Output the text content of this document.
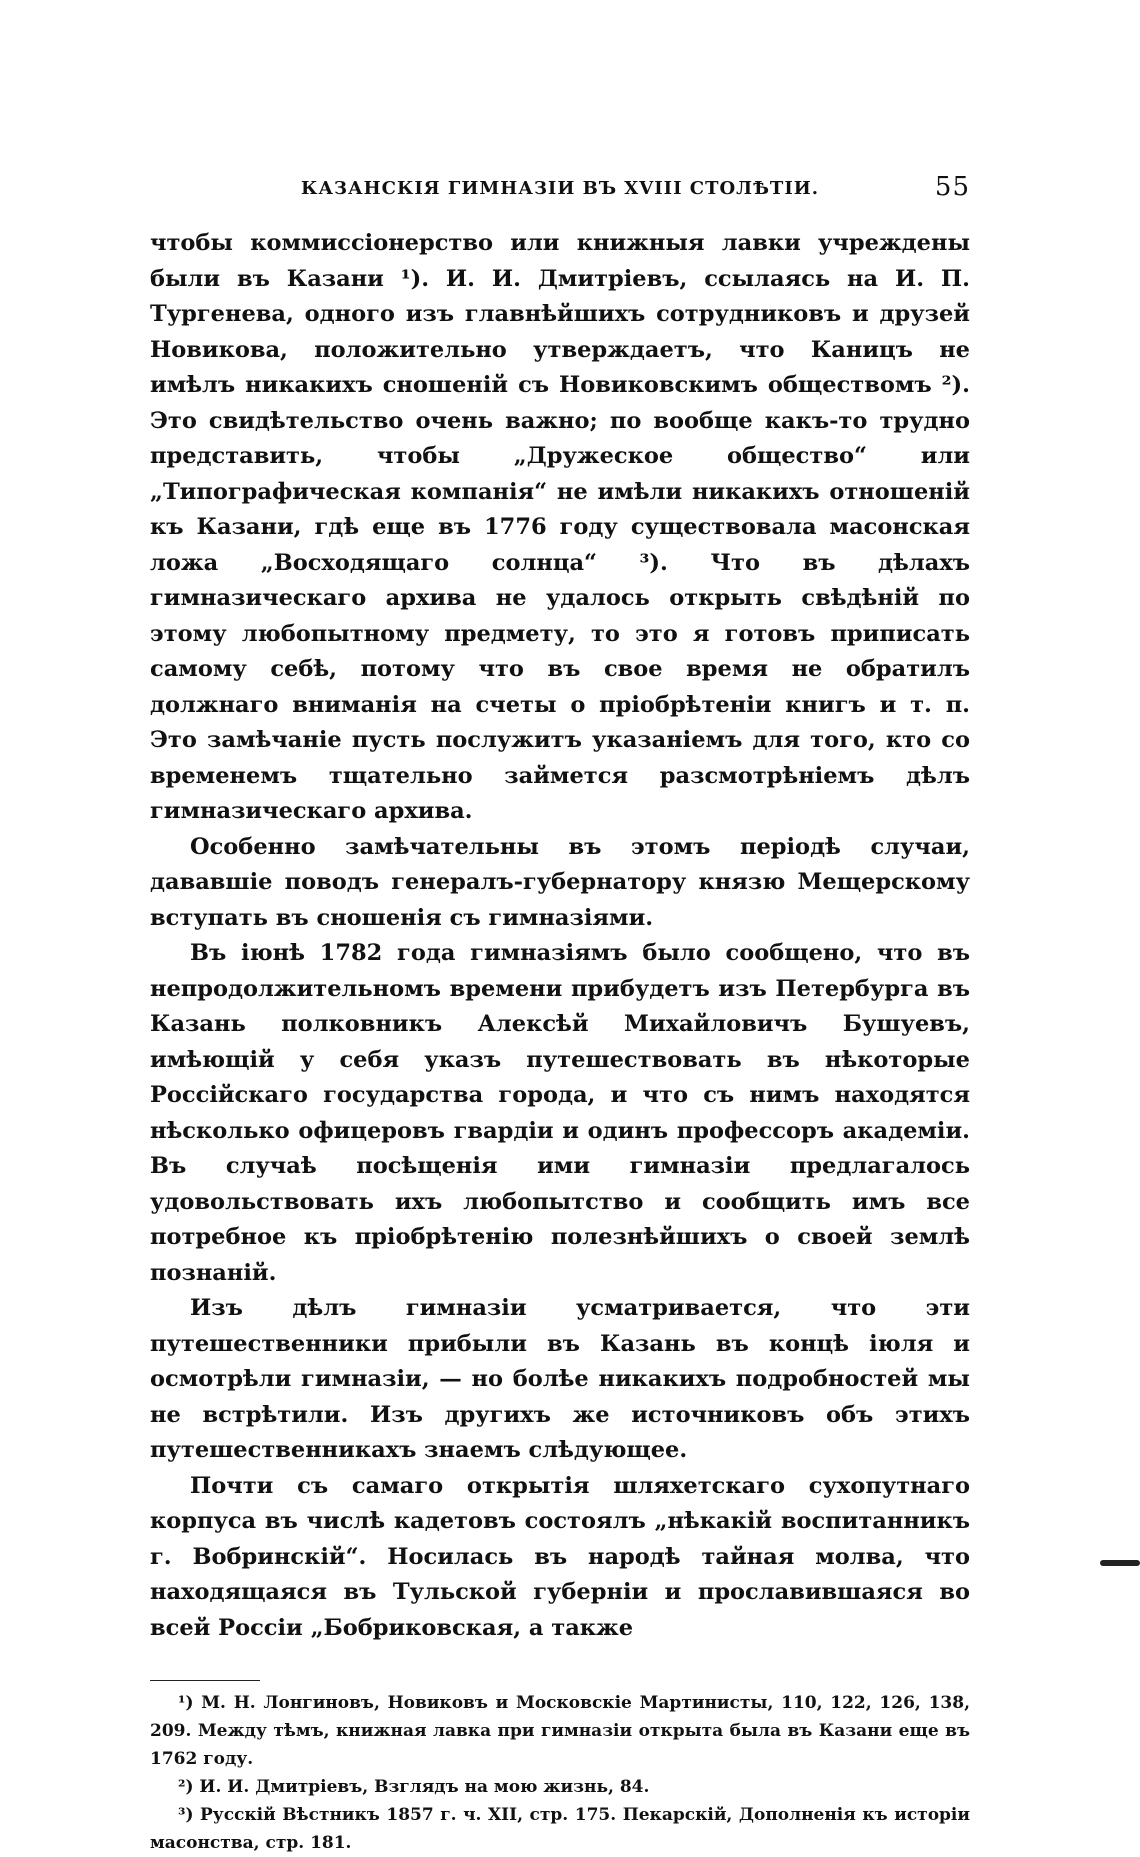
КАЗАНСКІЯ ГИМНАЗІИ ВЪ XVIII СТОЛѢТІИ.	55

чтобы коммиссіонерство или книжныя лавки учреждены были въ Казани ¹). И. И. Дмитріевъ, ссылаясь на И. П. Тургенева, одного изъ главнѣйшихъ сотрудниковъ и друзей Новикова, положительно утверждаетъ, что Каницъ не имѣлъ никакихъ сношеній съ Новиковскимъ обществомъ ²). Это свидѣтельство очень важно; по вообще какъ-то трудно представить, чтобы „Дружеское общество“ или „Типографическая компанія“ не имѣли никакихъ отношеній къ Казани, гдѣ еще въ 1776 году существовала масонская ложа „Восходящаго солнца“ ³). Что въ дѣлахъ гимназическаго архива не удалось открыть свѣдѣній по этому любопытному предмету, то это я готовъ приписать самому себѣ, потому что въ свое время не обратилъ должнаго вниманія на счеты о пріобрѣтеніи книгъ и т. п. Это замѣчаніе пусть послужитъ указаніемъ для того, кто со временемъ тщательно займется разсмотрѣніемъ дѣлъ гимназическаго архива.

Особенно замѣчательны въ этомъ періодѣ случаи, дававшіе поводъ генералъ-губернатору князю Мещерскому вступать въ сношенія съ гимназіями.

Въ іюнѣ 1782 года гимназіямъ было сообщено, что въ непродолжительномъ времени прибудетъ изъ Петербурга въ Казань полковникъ Алексѣй Михайловичъ Бушуевъ, имѣющій у себя указъ путешествовать въ нѣкоторые Россійскаго государства города, и что съ нимъ находятся нѣсколько офицеровъ гвардіи и одинъ профессоръ академіи. Въ случаѣ посѣщенія ими гимназіи предлагалось удовольствовать ихъ любопытство и сообщить имъ все потребное къ пріобрѣтенію полезнѣйшихъ о своей землѣ познаній.

Изъ дѣлъ гимназіи усматривается, что эти путешественники прибыли въ Казань въ концѣ іюля и осмотрѣли гимназіи, — но болѣе никакихъ подробностей мы не встрѣтили. Изъ другихъ же источниковъ объ этихъ путешественникахъ знаемъ слѣдующее.

Почти съ самаго открытія шляхетскаго сухопутнаго корпуса въ числѣ кадетовъ состоялъ „нѣкакій воспитанникъ г. Вобринскій“. Носилась въ народѣ тайная молва, что находящаяся въ Тульской губерніи и прославившаяся во всей Россіи „Бобриковская, а также

¹) М. Н. Лонгиновъ, Новиковъ и Московскіе Мартинисты, 110, 122, 126, 138, 209. Между тѣмъ, книжная лавка при гимназіи открыта была въ Казани еще въ 1762 году.

²) И. И. Дмитріевъ, Взглядъ на мою жизнь, 84.

³) Русскій Вѣстникъ 1857 г. ч. XII, стр. 175. Пекарскій, Дополненія къ исторіи масонства, стр. 181.
